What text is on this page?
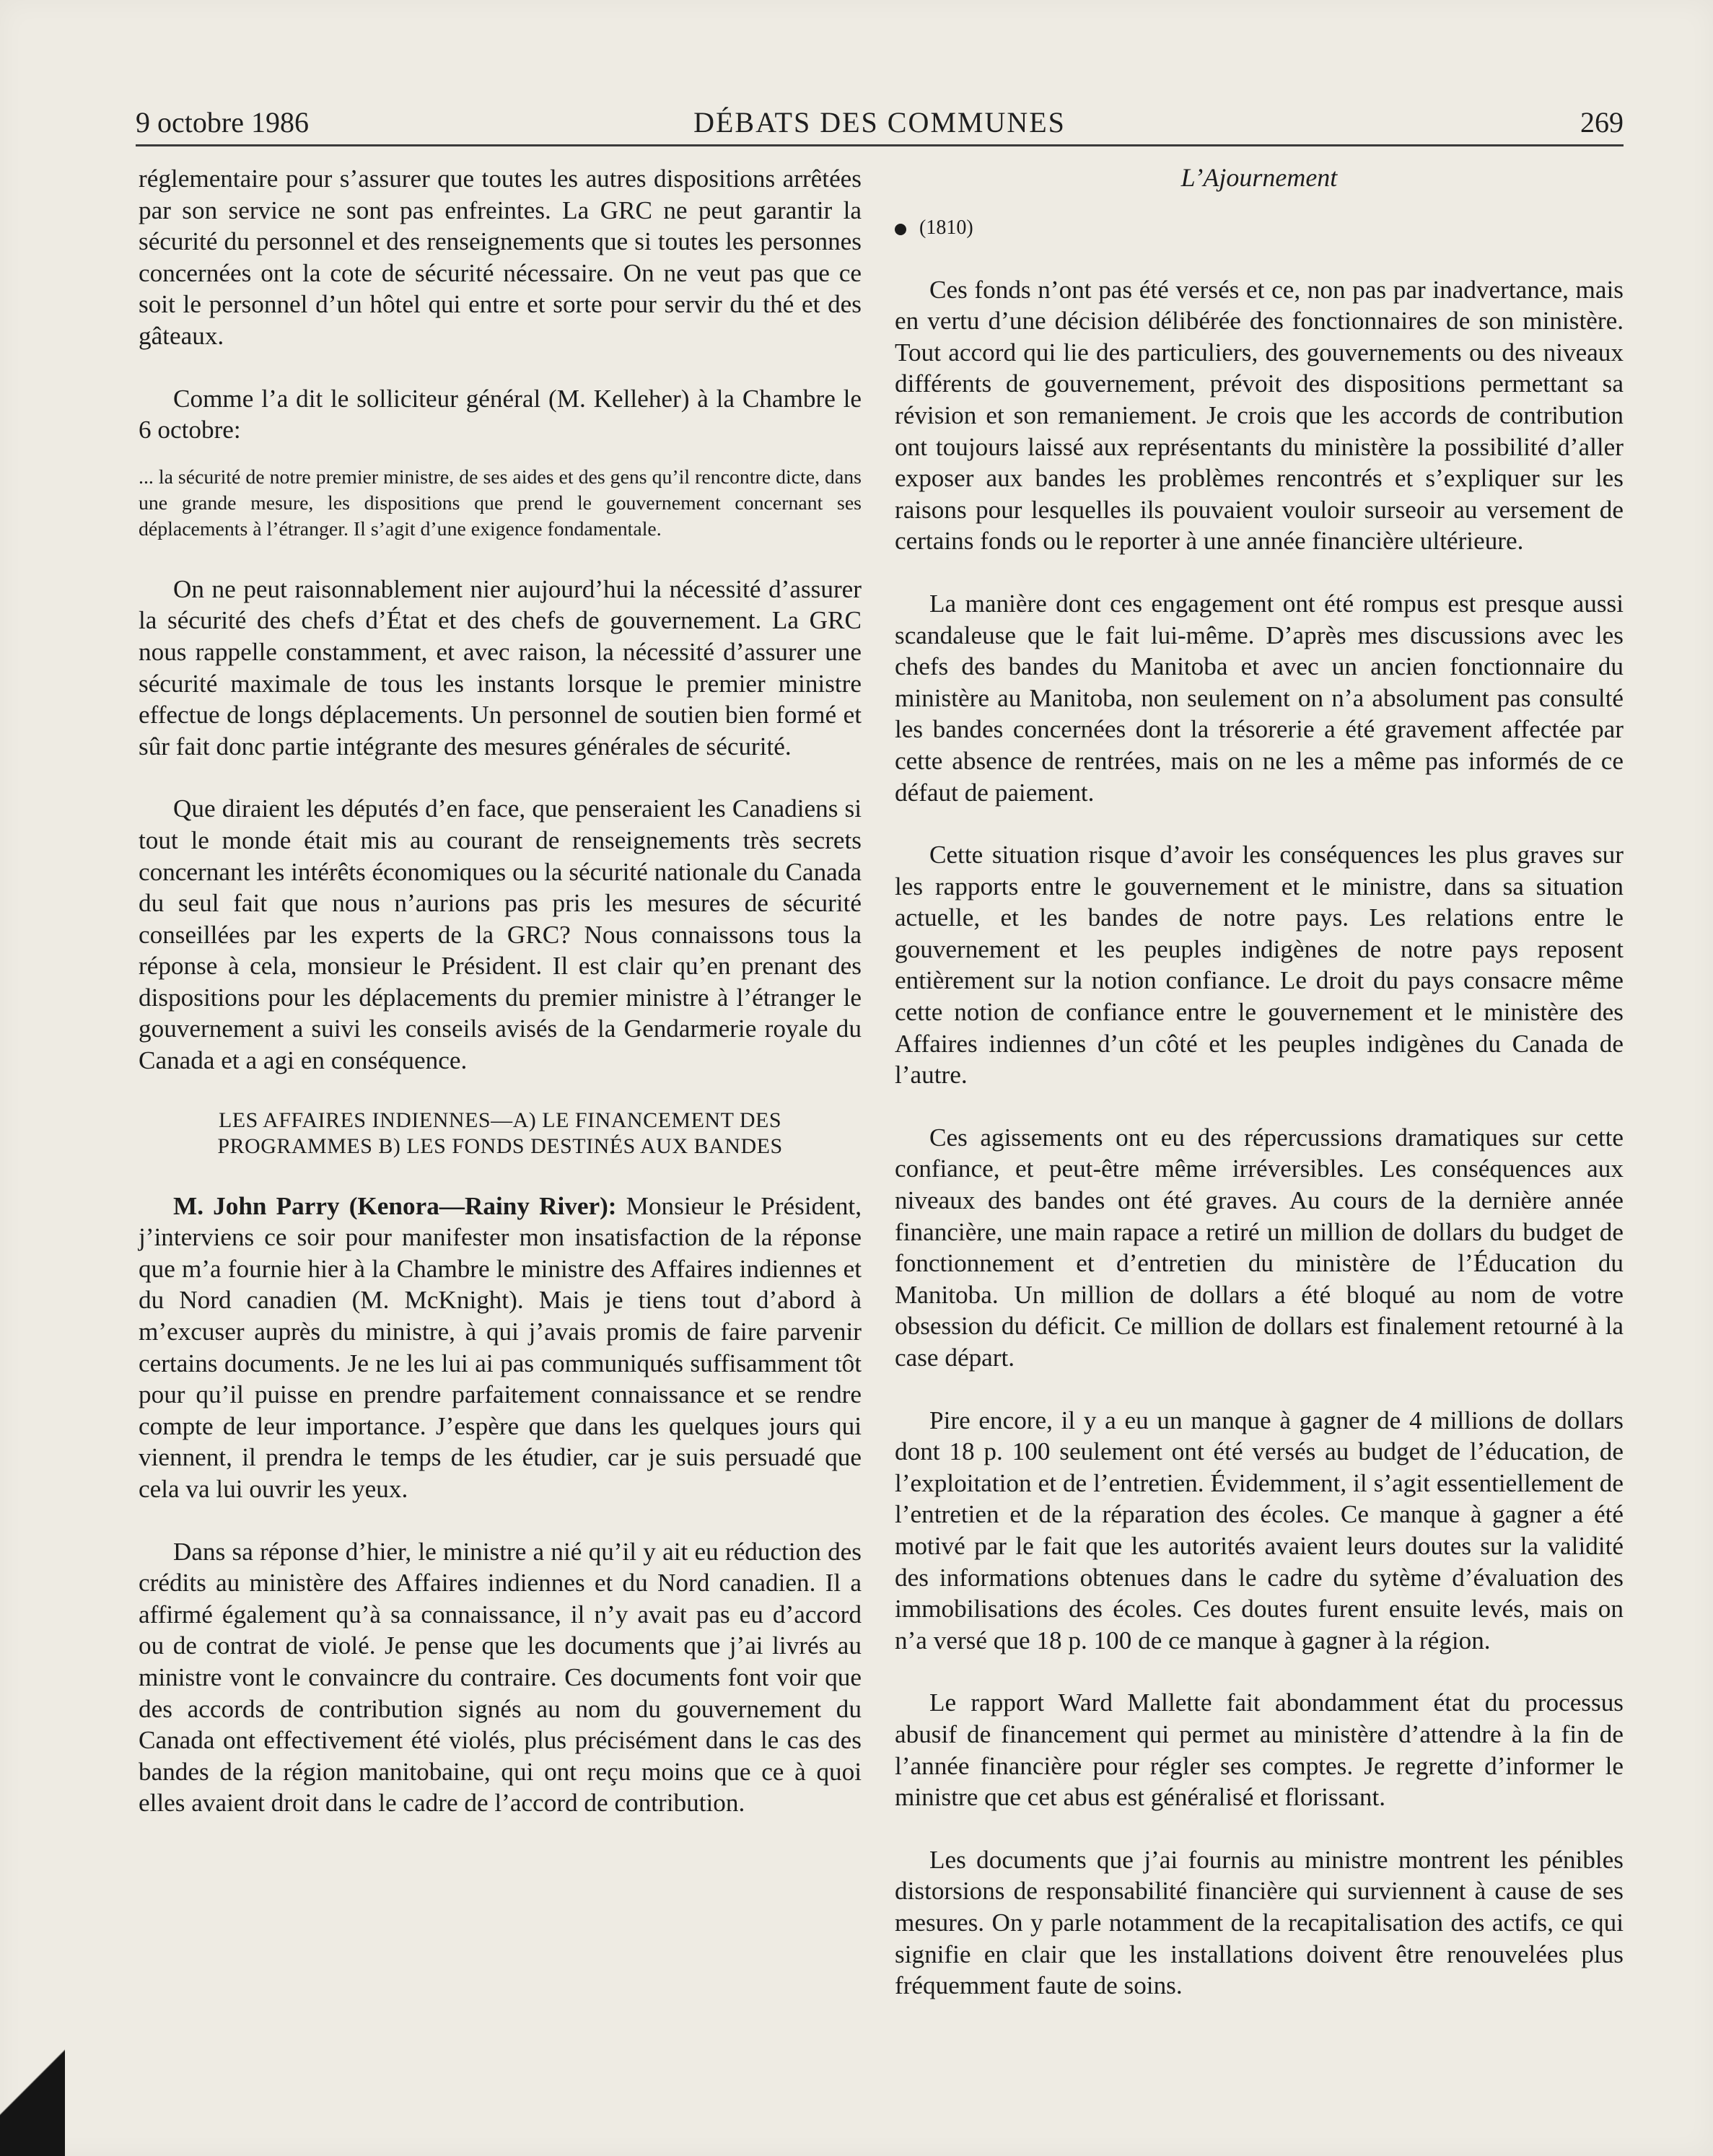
9 octobre 1986	DÉBATS DES COMMUNES	269

réglementaire pour s’assurer que toutes les autres dispositions arrêtées par son service ne sont pas enfreintes. La GRC ne peut garantir la sécurité du personnel et des renseignements que si toutes les personnes concernées ont la cote de sécurité nécessaire. On ne veut pas que ce soit le personnel d’un hôtel qui entre et sorte pour servir du thé et des gâteaux.

Comme l’a dit le solliciteur général (M. Kelleher) à la Chambre le 6 octobre:

... la sécurité de notre premier ministre, de ses aides et des gens qu’il rencontre dicte, dans une grande mesure, les dispositions que prend le gouvernement concernant ses déplacements à l’étranger. Il s’agit d’une exigence fondamentale.

On ne peut raisonnablement nier aujourd’hui la nécessité d’assurer la sécurité des chefs d’État et des chefs de gouvernement. La GRC nous rappelle constamment, et avec raison, la nécessité d’assurer une sécurité maximale de tous les instants lorsque le premier ministre effectue de longs déplacements. Un personnel de soutien bien formé et sûr fait donc partie intégrante des mesures générales de sécurité.

Que diraient les députés d’en face, que penseraient les Canadiens si tout le monde était mis au courant de renseignements très secrets concernant les intérêts économiques ou la sécurité nationale du Canada du seul fait que nous n’aurions pas pris les mesures de sécurité conseillées par les experts de la GRC? Nous connaissons tous la réponse à cela, monsieur le Président. Il est clair qu’en prenant des dispositions pour les déplacements du premier ministre à l’étranger le gouvernement a suivi les conseils avisés de la Gendarmerie royale du Canada et a agi en conséquence.

LES AFFAIRES INDIENNES—A) LE FINANCEMENT DES PROGRAMMES B) LES FONDS DESTINÉS AUX BANDES

M. John Parry (Kenora—Rainy River): Monsieur le Président, j’interviens ce soir pour manifester mon insatisfaction de la réponse que m’a fournie hier à la Chambre le ministre des Affaires indiennes et du Nord canadien (M. McKnight). Mais je tiens tout d’abord à m’excuser auprès du ministre, à qui j’avais promis de faire parvenir certains documents. Je ne les lui ai pas communiqués suffisamment tôt pour qu’il puisse en prendre parfaitement connaissance et se rendre compte de leur importance. J’espère que dans les quelques jours qui viennent, il prendra le temps de les étudier, car je suis persuadé que cela va lui ouvrir les yeux.

Dans sa réponse d’hier, le ministre a nié qu’il y ait eu réduction des crédits au ministère des Affaires indiennes et du Nord canadien. Il a affirmé également qu’à sa connaissance, il n’y avait pas eu d’accord ou de contrat de violé. Je pense que les documents que j’ai livrés au ministre vont le convaincre du contraire. Ces documents font voir que des accords de contribution signés au nom du gouvernement du Canada ont effectivement été violés, plus précisément dans le cas des bandes de la région manitobaine, qui ont reçu moins que ce à quoi elles avaient droit dans le cadre de l’accord de contribution.

L’Ajournement
(1810)

Ces fonds n’ont pas été versés et ce, non pas par inadvertance, mais en vertu d’une décision délibérée des fonctionnaires de son ministère. Tout accord qui lie des particuliers, des gouvernements ou des niveaux différents de gouvernement, prévoit des dispositions permettant sa révision et son remaniement. Je crois que les accords de contribution ont toujours laissé aux représentants du ministère la possibilité d’aller exposer aux bandes les problèmes rencontrés et s’expliquer sur les raisons pour lesquelles ils pouvaient vouloir surseoir au versement de certains fonds ou le reporter à une année financière ultérieure.

La manière dont ces engagement ont été rompus est presque aussi scandaleuse que le fait lui-même. D’après mes discussions avec les chefs des bandes du Manitoba et avec un ancien fonctionnaire du ministère au Manitoba, non seulement on n’a absolument pas consulté les bandes concernées dont la trésorerie a été gravement affectée par cette absence de rentrées, mais on ne les a même pas informés de ce défaut de paiement.

Cette situation risque d’avoir les conséquences les plus graves sur les rapports entre le gouvernement et le ministre, dans sa situation actuelle, et les bandes de notre pays. Les relations entre le gouvernement et les peuples indigènes de notre pays reposent entièrement sur la notion confiance. Le droit du pays consacre même cette notion de confiance entre le gouvernement et le ministère des Affaires indiennes d’un côté et les peuples indigènes du Canada de l’autre.

Ces agissements ont eu des répercussions dramatiques sur cette confiance, et peut-être même irréversibles. Les conséquences aux niveaux des bandes ont été graves. Au cours de la dernière année financière, une main rapace a retiré un million de dollars du budget de fonctionnement et d’entretien du ministère de l’Éducation du Manitoba. Un million de dollars a été bloqué au nom de votre obsession du déficit. Ce million de dollars est finalement retourné à la case départ.

Pire encore, il y a eu un manque à gagner de 4 millions de dollars dont 18 p. 100 seulement ont été versés au budget de l’éducation, de l’exploitation et de l’entretien. Évidemment, il s’agit essentiellement de l’entretien et de la réparation des écoles. Ce manque à gagner a été motivé par le fait que les autorités avaient leurs doutes sur la validité des informations obtenues dans le cadre du sytème d’évaluation des immobilisations des écoles. Ces doutes furent ensuite levés, mais on n’a versé que 18 p. 100 de ce manque à gagner à la région.

Le rapport Ward Mallette fait abondamment état du processus abusif de financement qui permet au ministère d’attendre à la fin de l’année financière pour régler ses comptes. Je regrette d’informer le ministre que cet abus est généralisé et florissant.

Les documents que j’ai fournis au ministre montrent les pénibles distorsions de responsabilité financière qui surviennent à cause de ses mesures. On y parle notamment de la recapitalisation des actifs, ce qui signifie en clair que les installations doivent être renouvelées plus fréquemment faute de soins.
